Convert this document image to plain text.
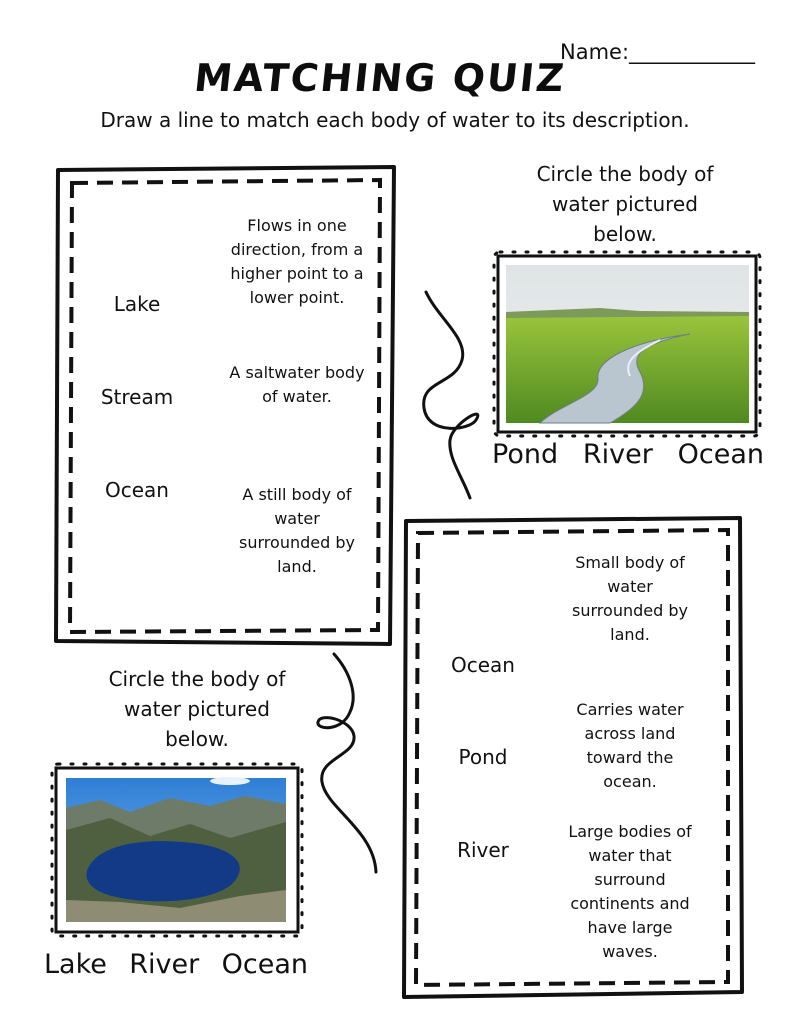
Name:____________
MATCHING QUIZ
Draw a line to match each body of water to its description.
Lake
Stream
Ocean
Flows in one direction, from a higher point to a lower point.
A saltwater body of water.
A still body of water surrounded by land.
Circle the body of water pictured below.
Pond River Ocean
Ocean
Pond
River
Small body of water surrounded by land.
Carries water across land toward the ocean.
Large bodies of water that surround continents and have large waves.
Circle the body of water pictured below.
Lake River Ocean
